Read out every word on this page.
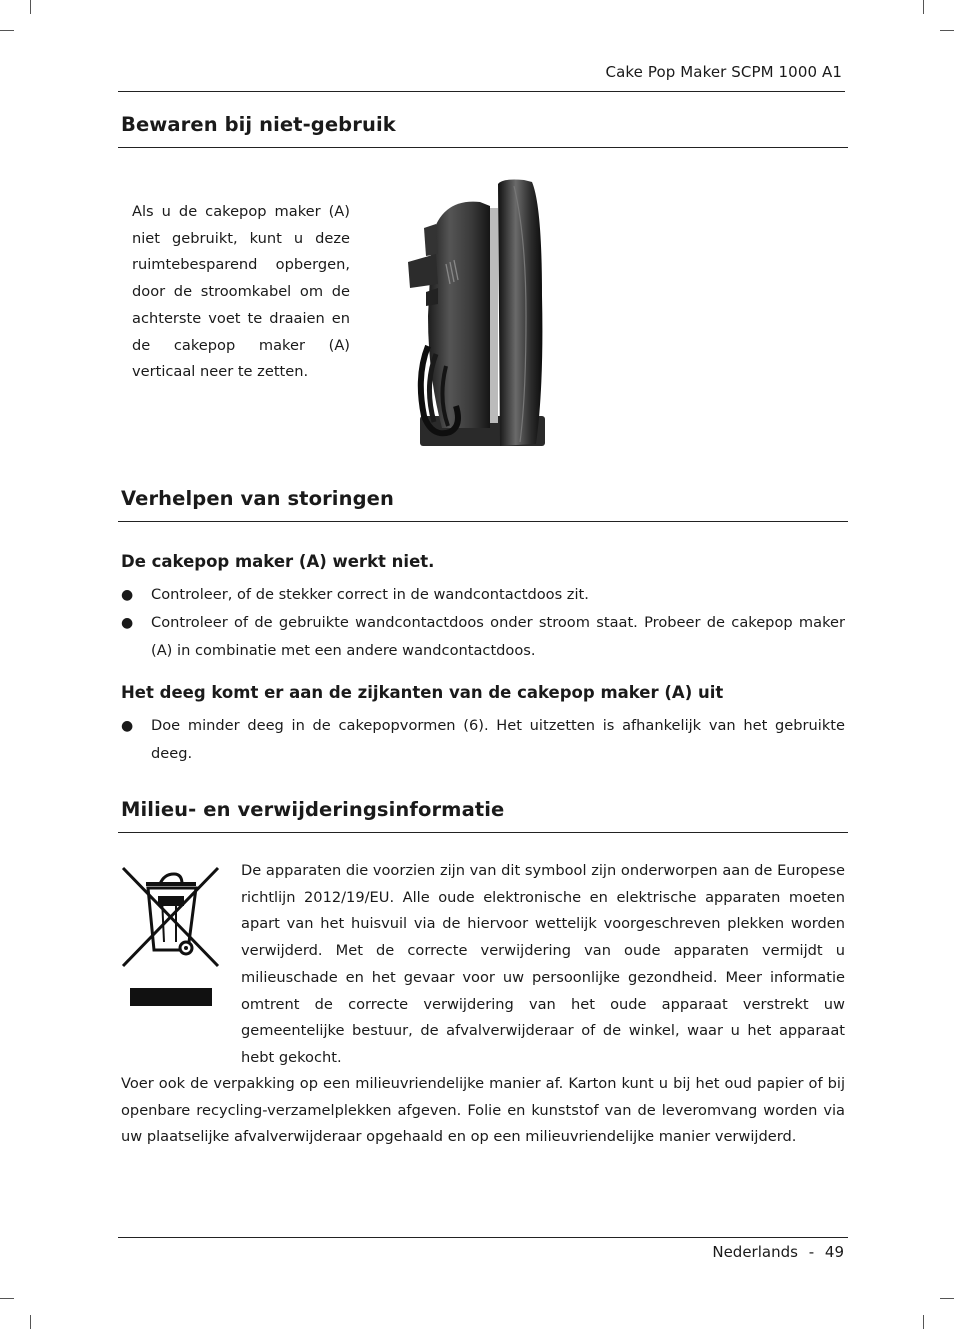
Cake Pop Maker SCPM 1000 A1
Bewaren bij niet-gebruik

Als u de cakepop maker (A) niet gebruikt, kunt u deze ruimtebesparend opbergen, door de stroomkabel om de achterste voet te draaien en de cakepop maker (A) verticaal neer te zetten.

Verhelpen van storingen
De cakepop maker (A) werkt niet.
● Controleer, of de stekker correct in de wandcontactdoos zit.
● Controleer of de gebruikte wandcontactdoos onder stroom staat. Probeer de cakepop maker (A) in combinatie met een andere wandcontactdoos.
Het deeg komt er aan de zijkanten van de cakepop maker (A) uit
● Doe minder deeg in de cakepopvormen (6). Het uitzetten is afhankelijk van het gebruikte deeg.
Milieu- en verwijderingsinformatie

De apparaten die voorzien zijn van dit symbool zijn onderworpen aan de Europese richtlijn 2012/19/EU. Alle oude elektronische en elektrische apparaten moeten apart van het huisvuil via de hiervoor wettelijk voorgeschreven plekken worden verwijderd. Met de correcte verwijdering van oude apparaten vermijdt u milieuschade en het gevaar voor uw persoonlijke gezondheid. Meer informatie omtrent de correcte verwijdering van het oude apparaat verstrekt uw gemeentelijke bestuur, de afvalverwijderaar of de winkel, waar u het apparaat hebt gekocht.

Voer ook de verpakking op een milieuvriendelijke manier af. Karton kunt u bij het oud papier of bij openbare recycling-verzamelplekken afgeven. Folie en kunststof van de leveromvang worden via uw plaatselijke afvalverwijderaar opgehaald en op een milieuvriendelijke manier verwijderd.

Nederlands - 49
